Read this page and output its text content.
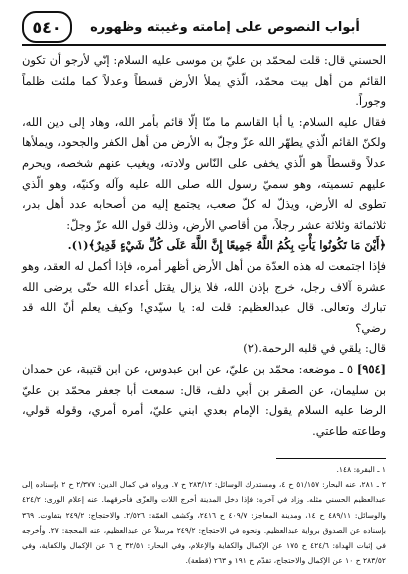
أبواب النصوص على إمامته وغيبته وظهوره
٥٤٠

الحسني قال: قلت لمحمّد بن عليّ بن موسى عليه السلام: إنّي لأرجو أن تكون القائم من أهل بيت محمّد، الّذي يملأ الأرض قسطاً وعدلاً كما ملئت ظلماً وجوراً.

فقال عليه السلام: يا أبا القاسم ما منّا إلّا قائم بأمر الله، وهاد إلى دين الله، ولكنّ القائم الّذي يطهّر الله عزّ وجلّ به الأرض من أهل الكفر والجحود، ويملأها عدلاً وقسطاً هو الّذي يخفى على النّاس ولادته، ويغيب عنهم شخصه، ويحرم عليهم تسميته، وهو سميّ رسول الله صلى الله عليه وآله وكنيّه، وهو الّذي تطوى له الأرض، ويذلّ له كلّ صعب، يجتمع إليه من أصحابه عدد أهل بدر، ثلاثمائة وثلاثة عشر رجلاً، من أقاصي الأرض، وذلك قول الله عزّ وجلّ:

﴿أَيْنَ مَا تَكُونُوا يَأْتِ بِكُمُ اللَّهُ جَمِيعًا إِنَّ اللَّهَ عَلَى كُلِّ شَيْءٍ قَدِيرٌ﴾(١).

فإذا اجتمعت له هذه العدّة من أهل الأرض أظهر أمره، فإذا أكمل له العقد، وهو عشرة آلاف رجل، خرج بإذن الله، فلا يزال يقتل أعداء الله حتّى يرضى الله تبارك وتعالى. قال عبدالعظيم: قلت له: يا سيّدي! وكيف يعلم أنّ الله قد رضي؟

قال: يلقي في قلبه الرحمة.(٢)

[٩٥٤] ٥ ـ موضعه: محمّد بن عليّ، عن ابن عبدوس، عن ابن قتيبة، عن حمدان بن سليمان، عن الصقر بن أبي دلف، قال: سمعت أبا جعفر محمّد بن عليّ الرضا عليه السلام يقول: الإمام بعدي ابني عليّ، أمره أمري، وقوله قولي، وطاعته طاعتي.

١ ـ البقرة: ١٤٨.

٢ ـ ٢٨١، عنه البحار: ٥١/١٥٧ ح ٤، ومستدرك الوسائل: ٢٨٣/١٢ ح ٧. ورواه في كمال الدين: ٢/٣٧٧ ح ٢ بإسناده إلى عبدالعظيم الحسني مثله. وزاد في آخره: فإذا دخل المدينة أخرج اللات والعزّى فأحرقهما. عنه إعلام الورى: ٤٢٤/٢ والوسائل: ٤٨٩/١١ ح ١٤، ومدينة المعاجز: ٤٠٩/٧ ح ٢٤١٦، وكشف الغمّة: ٢/٥٢٦. والاحتجاج: ٢٤٩/٢ بتفاوت. ٣٦٩ بإسناده عن الصدوق برواية عبدالعظيم. ونحوه في الاحتجاج: ٢٤٩/٢ مرسلاً عن عبدالعظيم، عنه المحجة: ٢٧. وأخرجه في إثبات الهداة: ٤٢٤/٦ ح ١٧٥ عن الإكمال والكفاية والإعلام، وفي البحار: ٣٢/٥١ ح ٦ عن الإكمال والكفاية، وفي ٢٨٣/٥٢ ح ١٠ عن الإكمال والاحتجاج، تقدّم ح ١٩١ و ٢٦٣ (قطعة).
